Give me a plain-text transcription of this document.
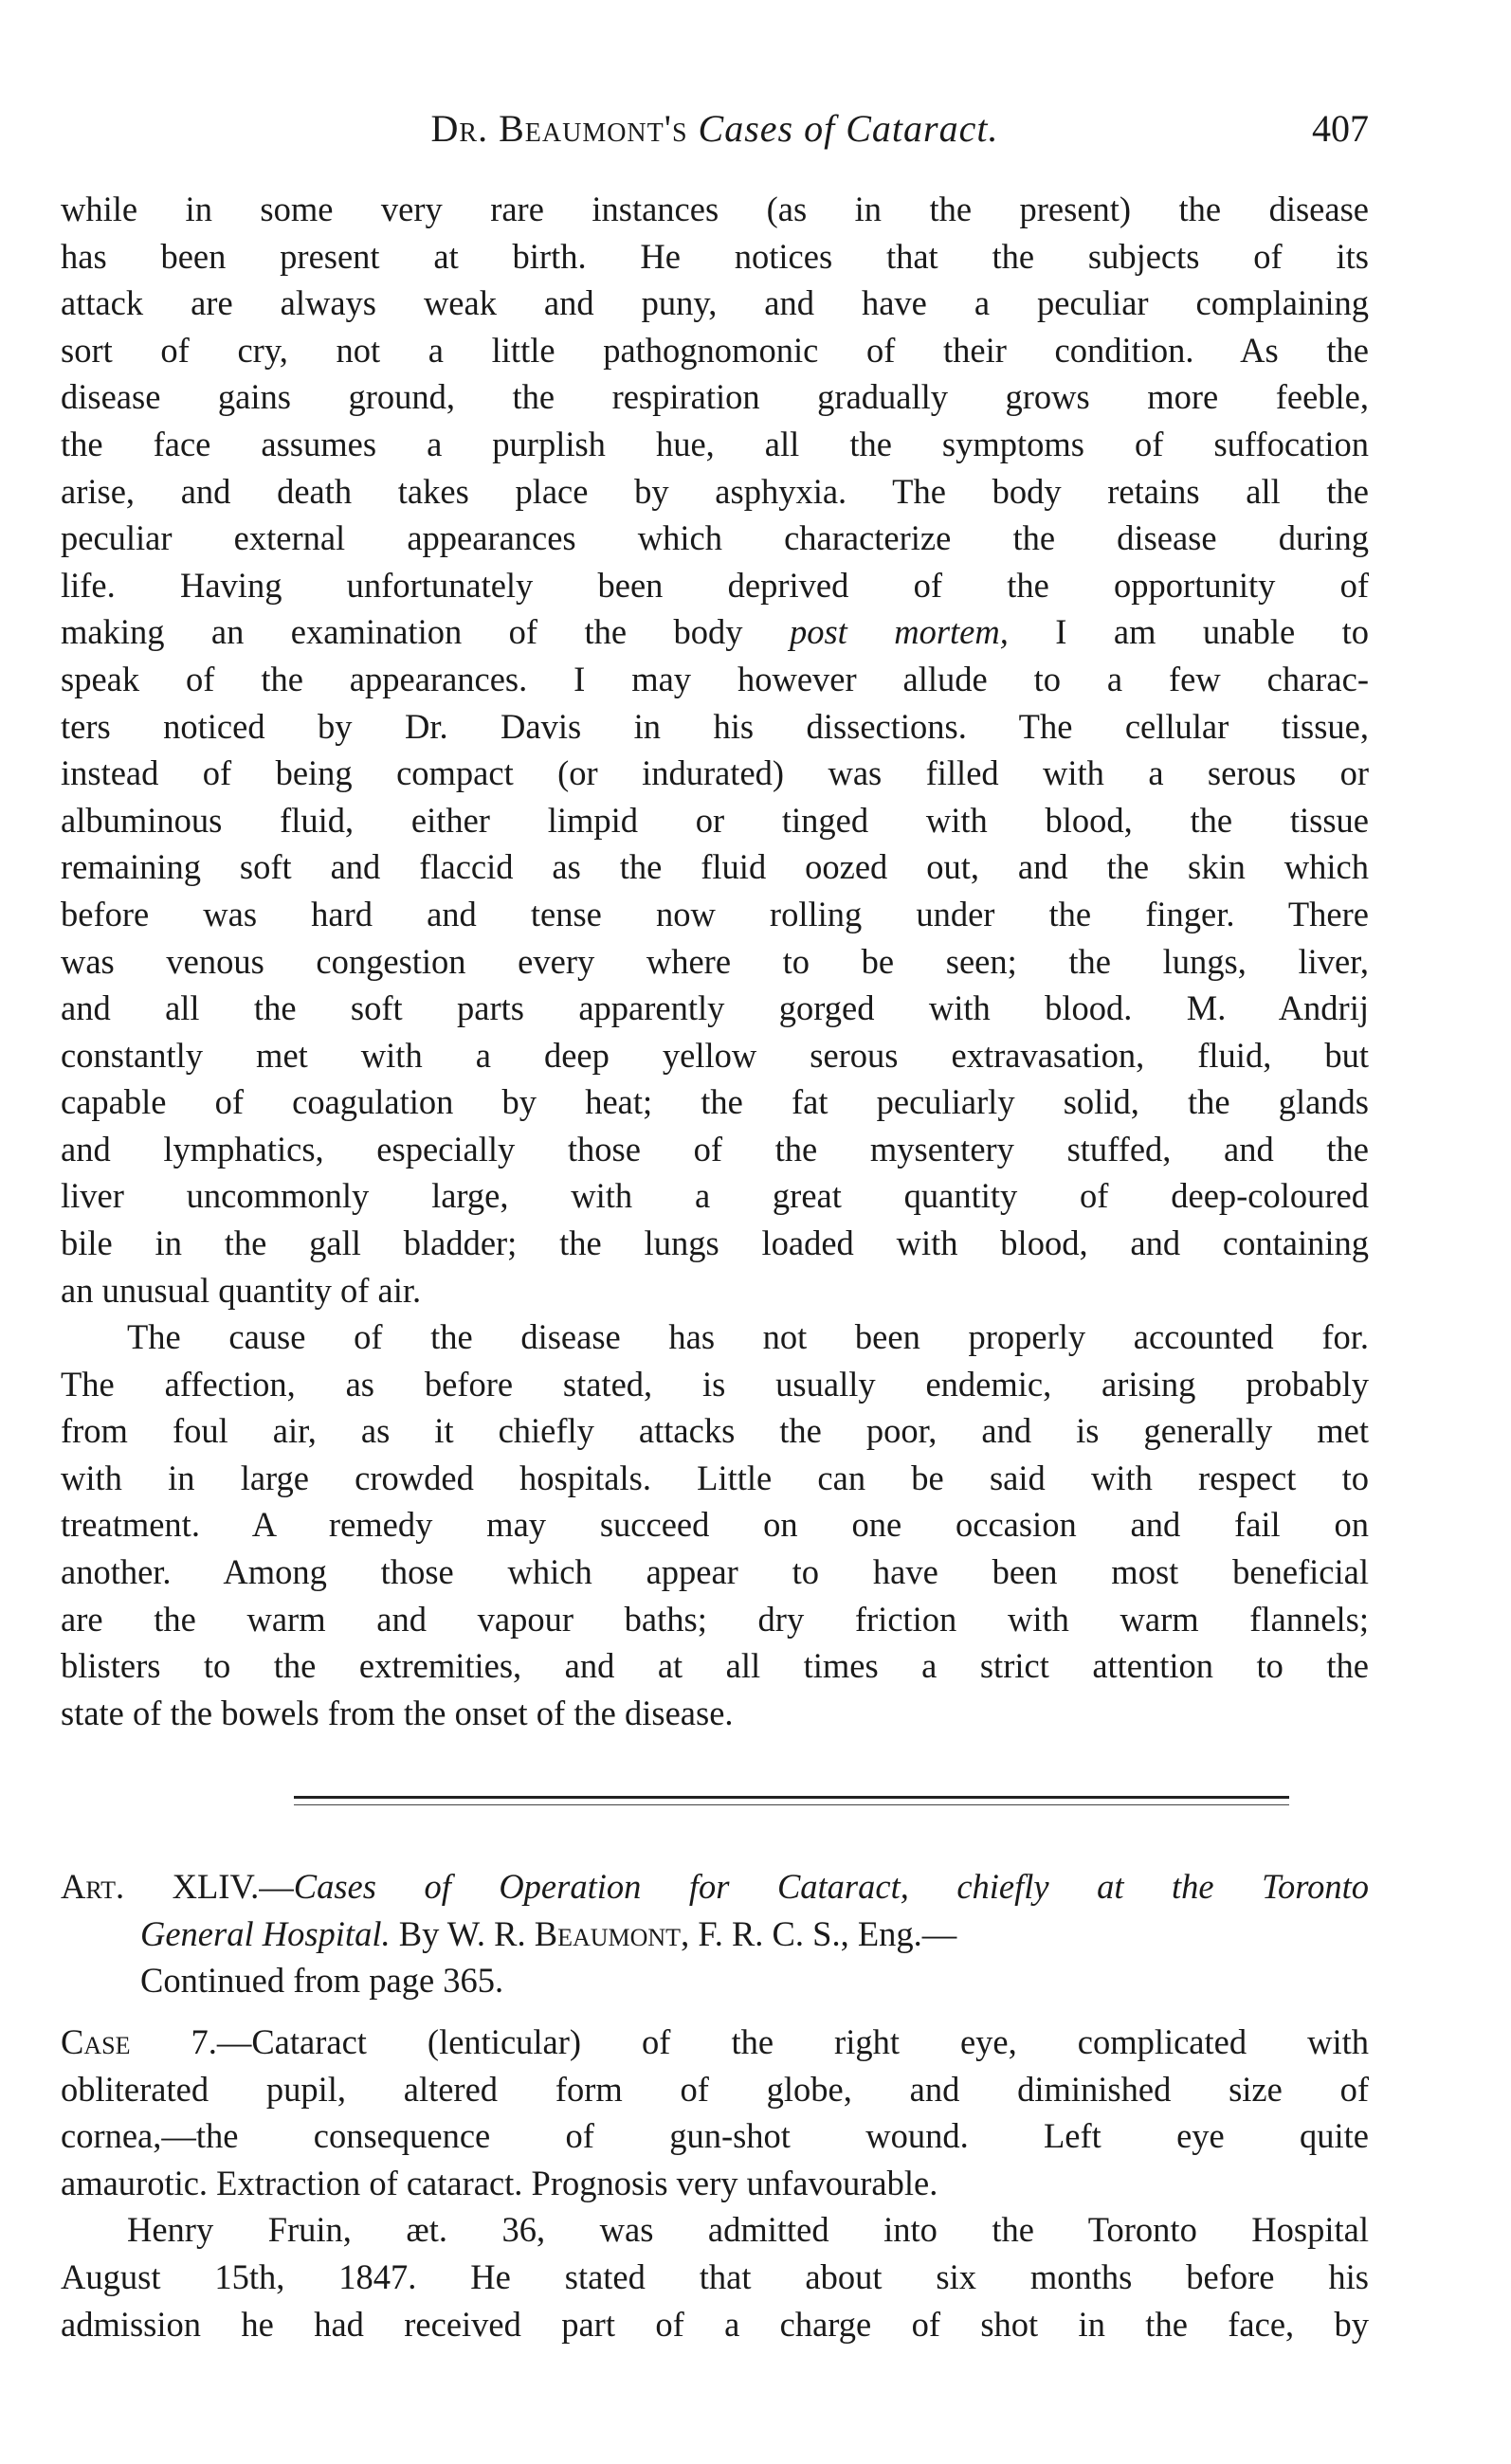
Dr. Beaumont's Cases of Cataract.	407
while in some very rare instances (as in the present) the disease
has been present at birth. He notices that the subjects of its
attack are always weak and puny, and have a peculiar complaining
sort of cry, not a little pathognomonic of their condition. As the
disease gains ground, the respiration gradually grows more feeble,
the face assumes a purplish hue, all the symptoms of suffocation
arise, and death takes place by asphyxia. The body retains all the
peculiar external appearances which characterize the disease during
life. Having unfortunately been deprived of the opportunity of
making an examination of the body post mortem, I am unable to
speak of the appearances. I may however allude to a few charac-
ters noticed by Dr. Davis in his dissections. The cellular tissue,
instead of being compact (or indurated) was filled with a serous or
albuminous fluid, either limpid or tinged with blood, the tissue
remaining soft and flaccid as the fluid oozed out, and the skin which
before was hard and tense now rolling under the finger. There
was venous congestion every where to be seen; the lungs, liver,
and all the soft parts apparently gorged with blood. M. Andrij
constantly met with a deep yellow serous extravasation, fluid, but
capable of coagulation by heat; the fat peculiarly solid, the glands
and lymphatics, especially those of the mysentery stuffed, and the
liver uncommonly large, with a great quantity of deep-coloured
bile in the gall bladder; the lungs loaded with blood, and containing
an unusual quantity of air.
The cause of the disease has not been properly accounted for.
The affection, as before stated, is usually endemic, arising probably
from foul air, as it chiefly attacks the poor, and is generally met
with in large crowded hospitals. Little can be said with respect to
treatment. A remedy may succeed on one occasion and fail on
another. Among those which appear to have been most beneficial
are the warm and vapour baths; dry friction with warm flannels;
blisters to the extremities, and at all times a strict attention to the
state of the bowels from the onset of the disease.
Art. XLIV.—Cases of Operation for Cataract, chiefly at the Toronto
General Hospital. By W. R. Beaumont, F. R. C. S., Eng.—
Continued from page 365.
Case 7.—Cataract (lenticular) of the right eye, complicated with
obliterated pupil, altered form of globe, and diminished size of
cornea,—the consequence of gun-shot wound. Left eye quite
amaurotic. Extraction of cataract. Prognosis very unfavourable.
Henry Fruin, æt. 36, was admitted into the Toronto Hospital
August 15th, 1847. He stated that about six months before his
admission he had received part of a charge of shot in the face, by
